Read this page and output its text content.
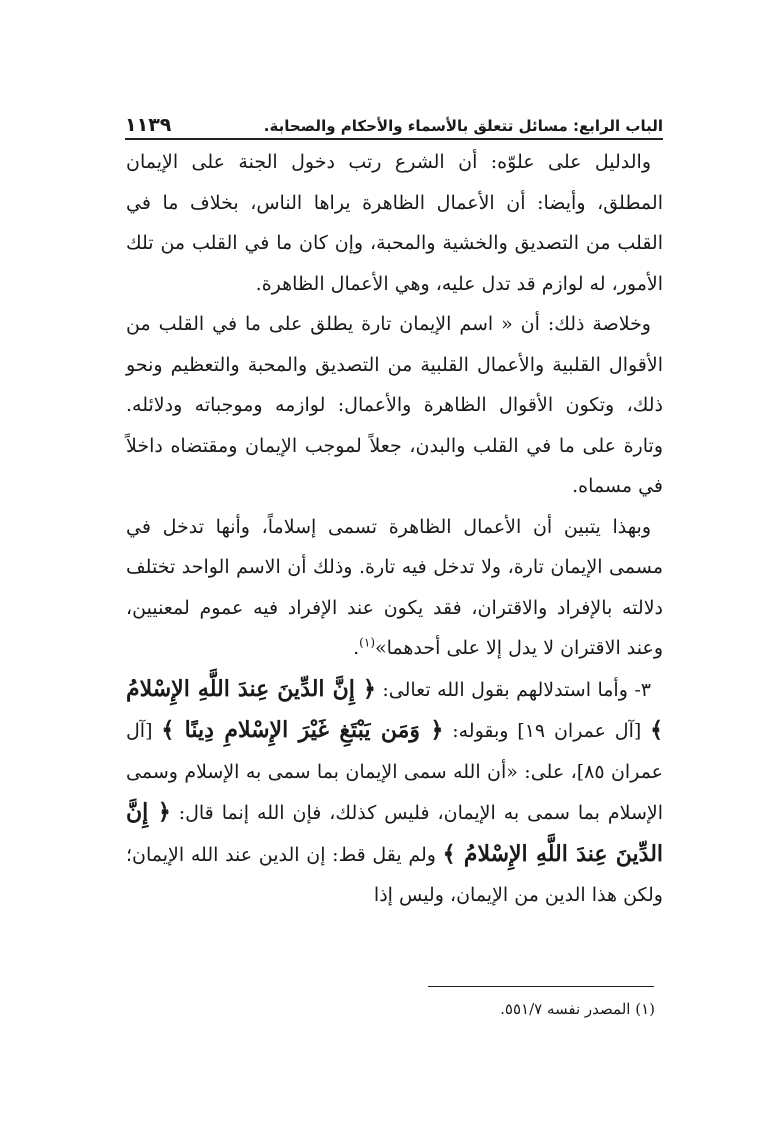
الباب الرابع: مسائل تتعلق بالأسماء والأحكام والصحابة.
١١٣٩

والدليل على علوّه: أن الشرع رتب دخول الجنة على الإيمان المطلق، وأيضا: أن الأعمال الظاهرة يراها الناس، بخلاف ما في القلب من التصديق والخشية والمحبة، وإن كان ما في القلب من تلك الأمور، له لوازم قد تدل عليه، وهي الأعمال الظاهرة.

وخلاصة ذلك: أن « اسم الإيمان تارة يطلق على ما في القلب من الأقوال القلبية والأعمال القلبية من التصديق والمحبة والتعظيم ونحو ذلك، وتكون الأقوال الظاهرة والأعمال: لوازمه وموجباته ودلائله. وتارة على ما في القلب والبدن، جعلاً لموجب الإيمان ومقتضاه داخلاً في مسماه.

وبهذا يتبين أن الأعمال الظاهرة تسمى إسلاماً، وأنها تدخل في مسمى الإيمان تارة، ولا تدخل فيه تارة. وذلك أن الاسم الواحد تختلف دلالته بالإفراد والاقتران، فقد يكون عند الإفراد فيه عموم لمعنيين، وعند الاقتران لا يدل إلا على أحدهما»$^{(١)}$.

٣- وأما استدلالهم بقول الله تعالى: ﴿ إِنَّ الدِّينَ عِندَ اللَّهِ الإِسْلامُ ﴾ [آل عمران ١٩] وبقوله: ﴿ وَمَن يَبْتَغِ غَيْرَ الإِسْلامِ دِينًا ﴾ [آل عمران ٨٥]، على: «أن الله سمى الإيمان بما سمى به الإسلام وسمى الإسلام بما سمى به الإيمان، فليس كذلك، فإن الله إنما قال: ﴿ إِنَّ الدِّينَ عِندَ اللَّهِ الإِسْلامُ ﴾ ولم يقل قط: إن الدين عند الله الإيمان؛ ولكن هذا الدين من الإيمان، وليس إذا

(١) المصدر نفسه ٥٥١/٧.
